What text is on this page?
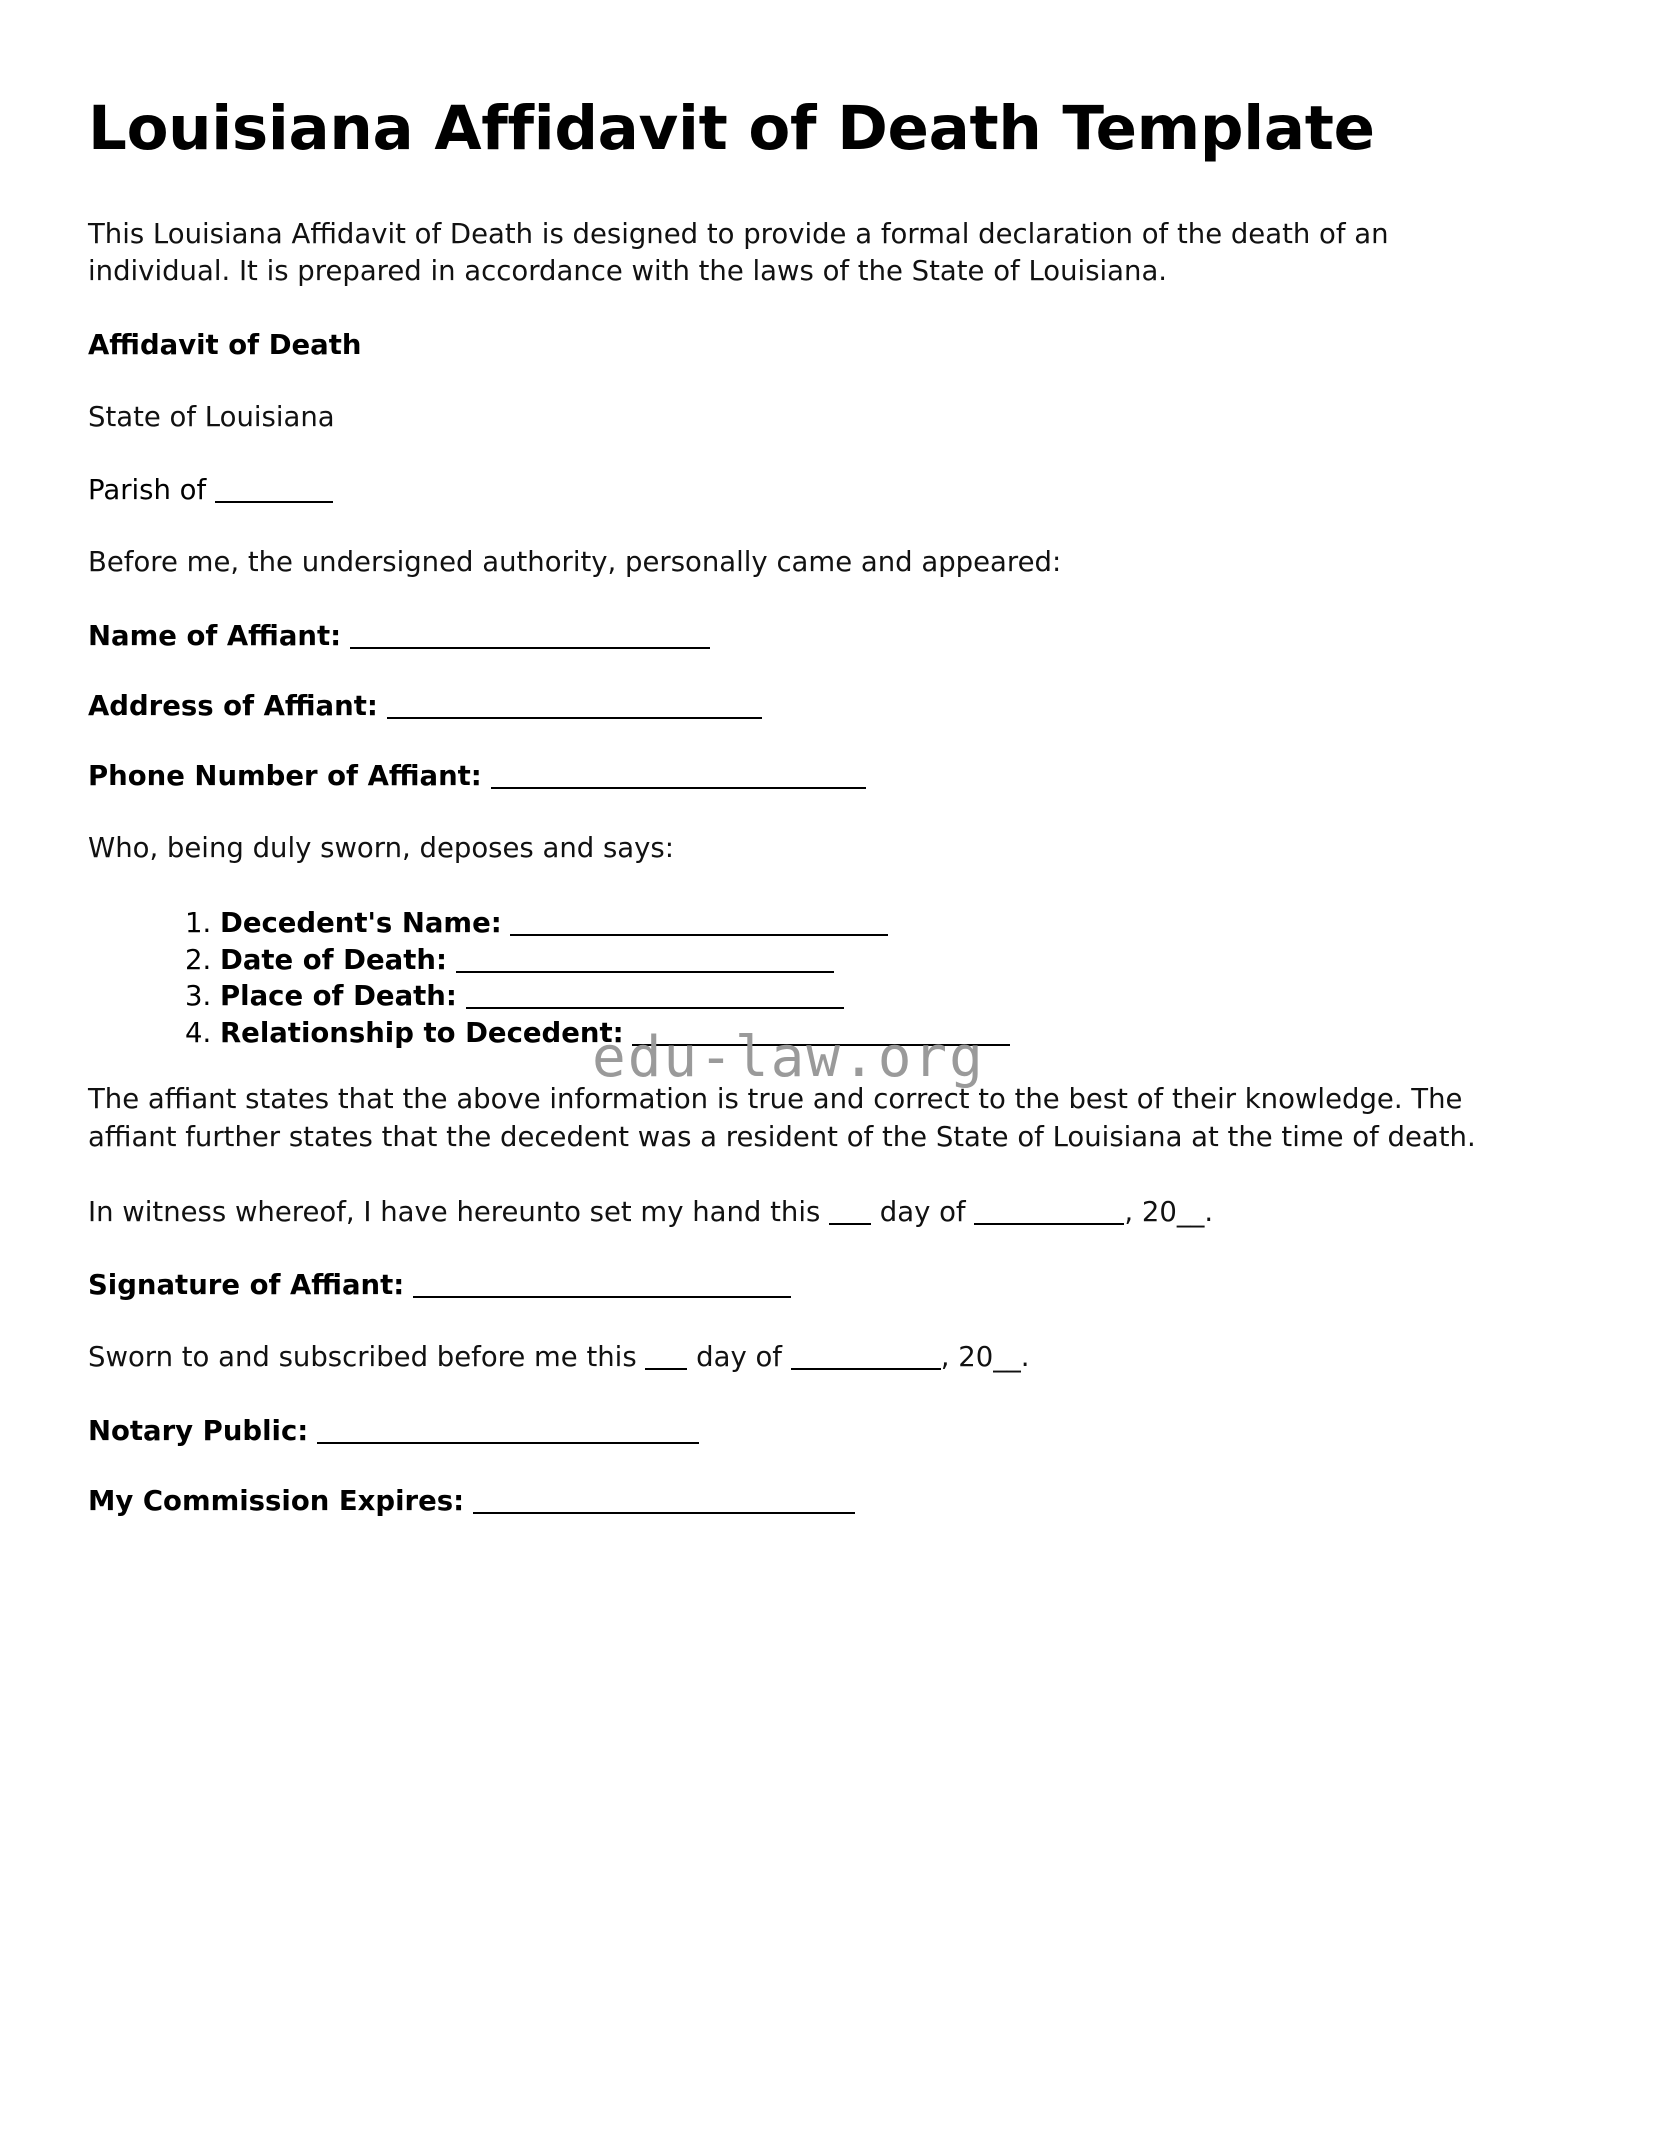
Louisiana Affidavit of Death Template

This Louisiana Affidavit of Death is designed to provide a formal declaration of the death of an individual. It is prepared in accordance with the laws of the State of Louisiana.

Affidavit of Death

State of Louisiana

Parish of

Before me, the undersigned authority, personally came and appeared:

Name of Affiant:
Address of Affiant:
Phone Number of Affiant:

Who, being duly sworn, deposes and says:

1. Decedent's Name:
2. Date of Death:
3. Place of Death:
4. Relationship to Decedent:
edu-law.org

The affiant states that the above information is true and correct to the best of their knowledge. The affiant further states that the decedent was a resident of the State of Louisiana at the time of death.

In witness whereof, I have hereunto set my hand this  day of	, 20__.

Signature of Affiant:

Sworn to and subscribed before me this  day of	, 20__.

Notary Public:
My Commission Expires:
